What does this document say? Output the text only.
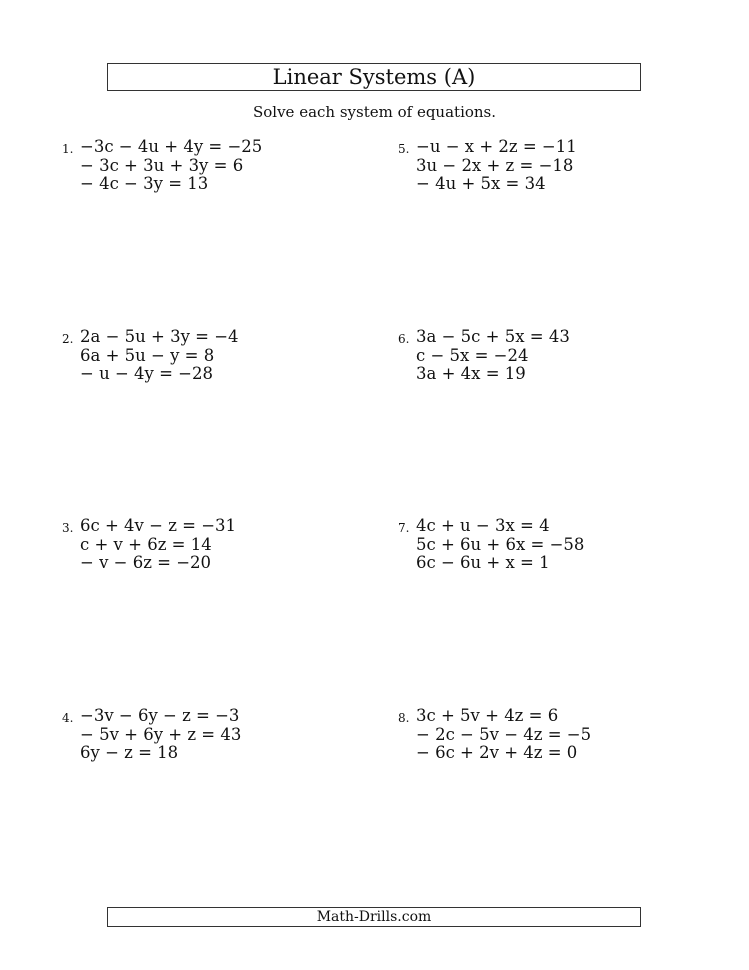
Linear Systems (A)
Solve each system of equations.
1. −3c − 4u + 4y = −25
− 3c + 3u + 3y = 6
− 4c − 3y = 13
2. 2a − 5u + 3y = −4
6a + 5u − y = 8
− u − 4y = −28
3. 6c + 4v − z = −31
c + v + 6z = 14
− v − 6z = −20
4. −3v − 6y − z = −3
− 5v + 6y + z = 43
6y − z = 18
5. −u − x + 2z = −11
3u − 2x + z = −18
− 4u + 5x = 34
6. 3a − 5c + 5x = 43
c − 5x = −24
3a + 4x = 19
7. 4c + u − 3x = 4
5c + 6u + 6x = −58
6c − 6u + x = 1
8. 3c + 5v + 4z = 6
− 2c − 5v − 4z = −5
− 6c + 2v + 4z = 0
Math-Drills.com
